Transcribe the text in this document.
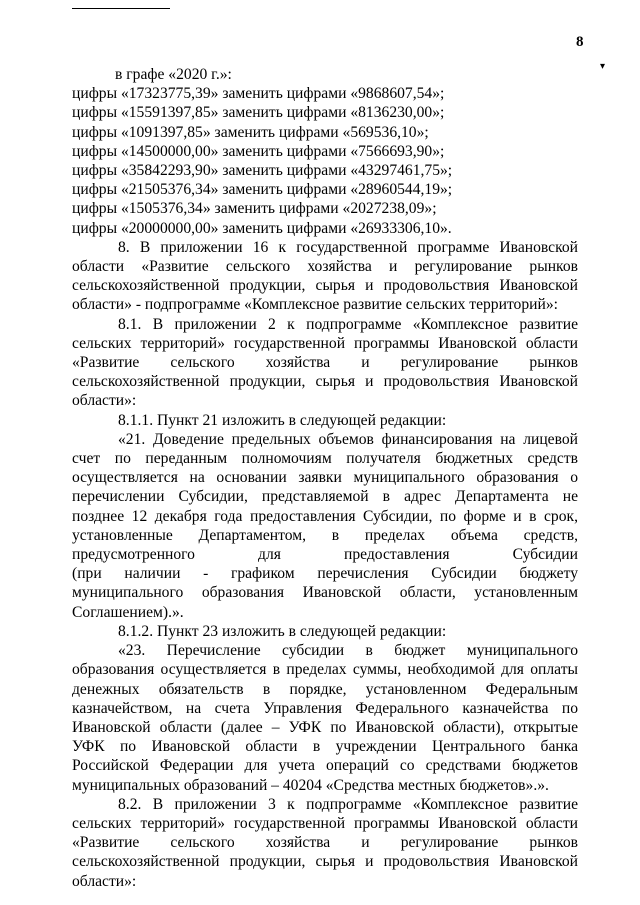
8
▾
в графе «2020 г.»:
цифры «17323775,39» заменить цифрами «9868607,54»;
цифры «15591397,85» заменить цифрами «8136230,00»;
цифры «1091397,85» заменить цифрами «569536,10»;
цифры «14500000,00» заменить цифрами «7566693,90»;
цифры «35842293,90» заменить цифрами «43297461,75»;
цифры «21505376,34» заменить цифрами «28960544,19»;
цифры «1505376,34» заменить цифрами «2027238,09»;
цифры «20000000,00» заменить цифрами «26933306,10».
8. В приложении 16 к государственной программе Ивановской
области «Развитие сельского хозяйства и регулирование рынков
сельскохозяйственной продукции, сырья и продовольствия Ивановской
области» - подпрограмме «Комплексное развитие сельских территорий»:
8.1. В приложении 2 к подпрограмме «Комплексное развитие
сельских территорий» государственной программы Ивановской области
«Развитие сельского хозяйства и регулирование рынков
сельскохозяйственной продукции, сырья и продовольствия Ивановской
области»:
8.1.1. Пункт 21 изложить в следующей редакции:
«21. Доведение предельных объемов финансирования на лицевой
счет по переданным полномочиям получателя бюджетных средств
осуществляется на основании заявки муниципального образования о
перечислении Субсидии, представляемой в адрес Департамента не
позднее 12 декабря года предоставления Субсидии, по форме и в срок,
установленные Департаментом, в пределах объема средств,
предусмотренного для предоставления Субсидии
(при наличии - графиком перечисления Субсидии бюджету
муниципального образования Ивановской области, установленным
Соглашением).».
8.1.2. Пункт 23 изложить в следующей редакции:
«23. Перечисление субсидии в бюджет муниципального
образования осуществляется в пределах суммы, необходимой для оплаты
денежных обязательств в порядке, установленном Федеральным
казначейством, на счета Управления Федерального казначейства по
Ивановской области (далее – УФК по Ивановской области), открытые
УФК по Ивановской области в учреждении Центрального банка
Российской Федерации для учета операций со средствами бюджетов
муниципальных образований – 40204 «Средства местных бюджетов».».
8.2. В приложении 3 к подпрограмме «Комплексное развитие
сельских территорий» государственной программы Ивановской области
«Развитие сельского хозяйства и регулирование рынков
сельскохозяйственной продукции, сырья и продовольствия Ивановской
области»:
